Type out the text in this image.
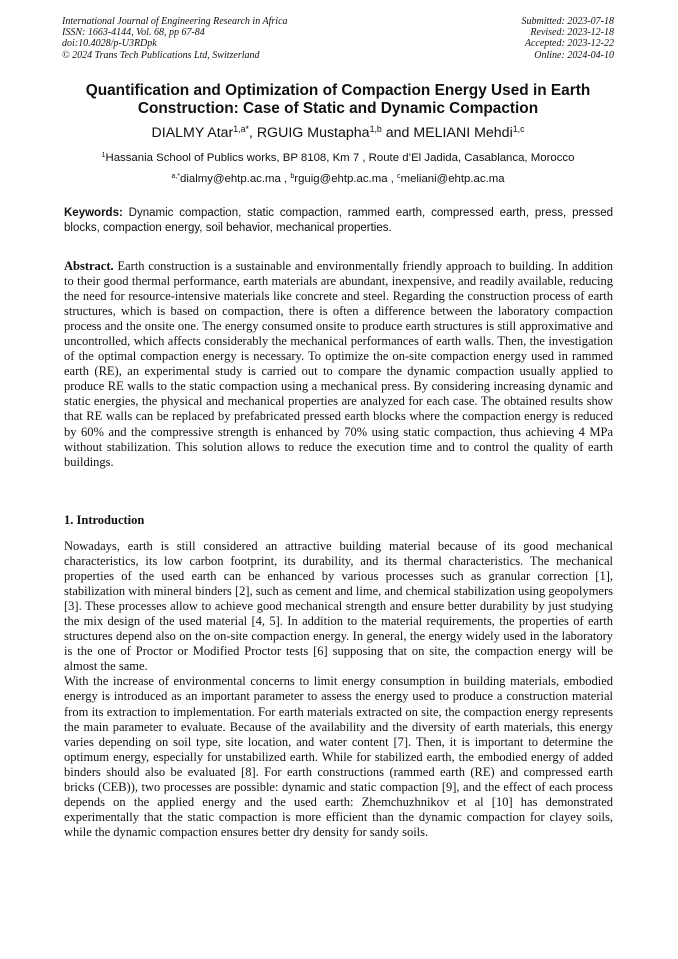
International Journal of Engineering Research in Africa
ISSN: 1663-4144, Vol. 68, pp 67-84
doi:10.4028/p-U3RDpk
© 2024 Trans Tech Publications Ltd, Switzerland
Submitted: 2023-07-18
Revised: 2023-12-18
Accepted: 2023-12-22
Online: 2024-04-10
Quantification and Optimization of Compaction Energy Used in Earth Construction: Case of Static and Dynamic Compaction
DIALMY Atar$^{1,a*}$, RGUIG Mustapha$^{1,b}$ and MELIANI Mehdi$^{1,c}$
$^1$Hassania School of Publics works, BP 8108, Km 7 , Route d’El Jadida, Casablanca, Morocco
$^{a,*}$dialmy@ehtp.ac.ma , $^b$rguig@ehtp.ac.ma , $^c$meliani@ehtp.ac.ma
Keywords: Dynamic compaction, static compaction, rammed earth, compressed earth, press, pressed blocks, compaction energy, soil behavior, mechanical properties.
Abstract. Earth construction is a sustainable and environmentally friendly approach to building. In addition to their good thermal performance, earth materials are abundant, inexpensive, and readily available, reducing the need for resource-intensive materials like concrete and steel. Regarding the construction process of earth structures, which is based on compaction, there is often a difference between the laboratory compaction process and the onsite one. The energy consumed onsite to produce earth structures is still approximative and uncontrolled, which affects considerably the mechanical performances of earth walls. Then, the investigation of the optimal compaction energy is necessary. To optimize the on-site compaction energy used in rammed earth (RE), an experimental study is carried out to compare the dynamic compaction usually applied to produce RE walls to the static compaction using a mechanical press. By considering increasing dynamic and static energies, the physical and mechanical properties are analyzed for each case. The obtained results show that RE walls can be replaced by prefabricated pressed earth blocks where the compaction energy is reduced by 60% and the compressive strength is enhanced by 70% using static compaction, thus achieving 4 MPa without stabilization. This solution allows to reduce the execution time and to control the quality of earth buildings.
1. Introduction

Nowadays, earth is still considered an attractive building material because of its good mechanical characteristics, its low carbon footprint, its durability, and its thermal characteristics. The mechanical properties of the used earth can be enhanced by various processes such as granular correction [1], stabilization with mineral binders [2], such as cement and lime, and chemical stabilization using geopolymers [3]. These processes allow to achieve good mechanical strength and ensure better durability by just studying the mix design of the used material [4, 5]. In addition to the material requirements, the properties of earth structures depend also on the on-site compaction energy. In general, the energy widely used in the laboratory is the one of Proctor or Modified Proctor tests [6] supposing that on site, the compaction energy will be almost the same.

With the increase of environmental concerns to limit energy consumption in building materials, embodied energy is introduced as an important parameter to assess the energy used to produce a construction material from its extraction to implementation. For earth materials extracted on site, the compaction energy represents the main parameter to evaluate. Because of the availability and the diversity of earth materials, this energy varies depending on soil type, site location, and water content [7]. Then, it is important to determine the optimum energy, especially for unstabilized earth. While for stabilized earth, the embodied energy of added binders should also be evaluated [8]. For earth constructions (rammed earth (RE) and compressed earth bricks (CEB)), two processes are possible: dynamic and static compaction [9], and the effect of each process depends on the applied energy and the used earth: Zhemchuzhnikov et al [10] has demonstrated experimentally that the static compaction is more efficient than the dynamic compaction for clayey soils, while the dynamic compaction ensures better dry density for sandy soils.
